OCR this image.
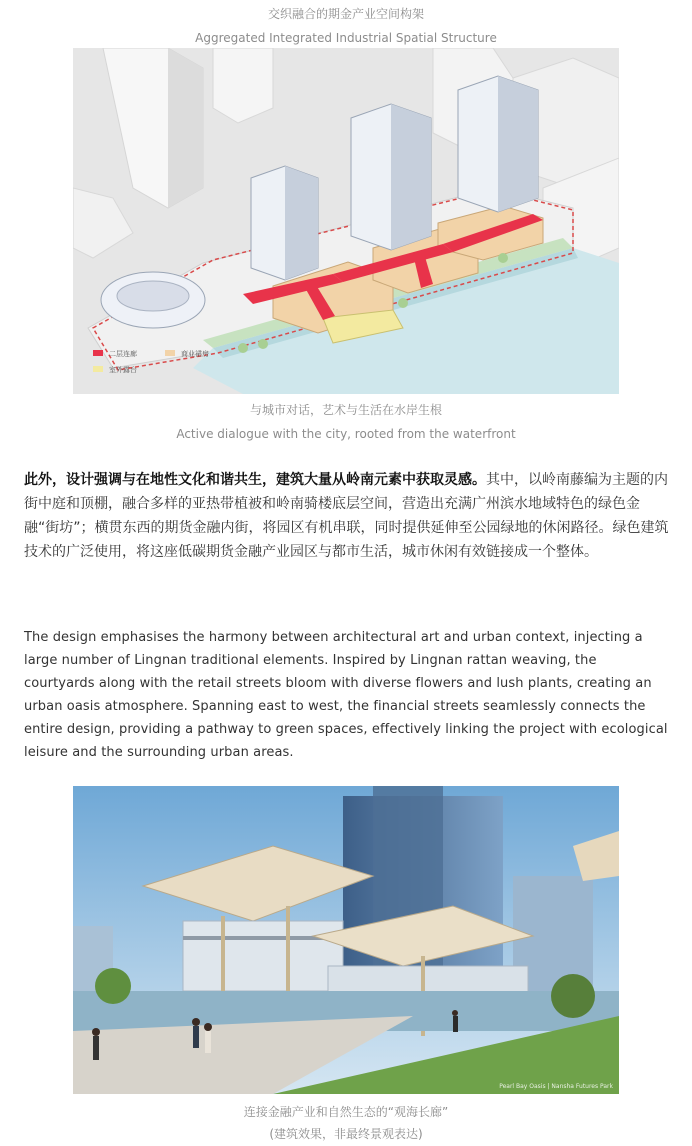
交织融合的期金产业空间构架
Aggregated Integrated Industrial Spatial Structure
二层连廊	商业裙房
室外露台
与城市对话，艺术与生活在水岸生根
Active dialogue with the city, rooted from the waterfront
此外，设计强调与在地性文化和谐共生，建筑大量从岭南元素中获取灵感。其中，以岭南藤编为主题的内街中庭和顶棚，融合多样的亚热带植被和岭南骑楼底层空间，营造出充满广州滨水地域特色的绿色金融“街坊”；横贯东西的期货金融内街，将园区有机串联，同时提供延伸至公园绿地的休闲路径。绿色建筑技术的广泛使用，将这座低碳期货金融产业园区与都市生活，城市休闲有效链接成一个整体。
The design emphasises the harmony between architectural art and urban context, injecting a large number of Lingnan traditional elements. Inspired by Lingnan rattan weaving, the courtyards along with the retail streets bloom with diverse flowers and lush plants, creating an urban oasis atmosphere. Spanning east to west, the financial streets seamlessly connects the entire design, providing a pathway to green spaces, effectively linking the project with ecological leisure and the surrounding urban areas.
Pearl Bay Oasis | Nansha Futures Park
连接金融产业和自然生态的“观海长廊”
(建筑效果，非最终景观表达)
